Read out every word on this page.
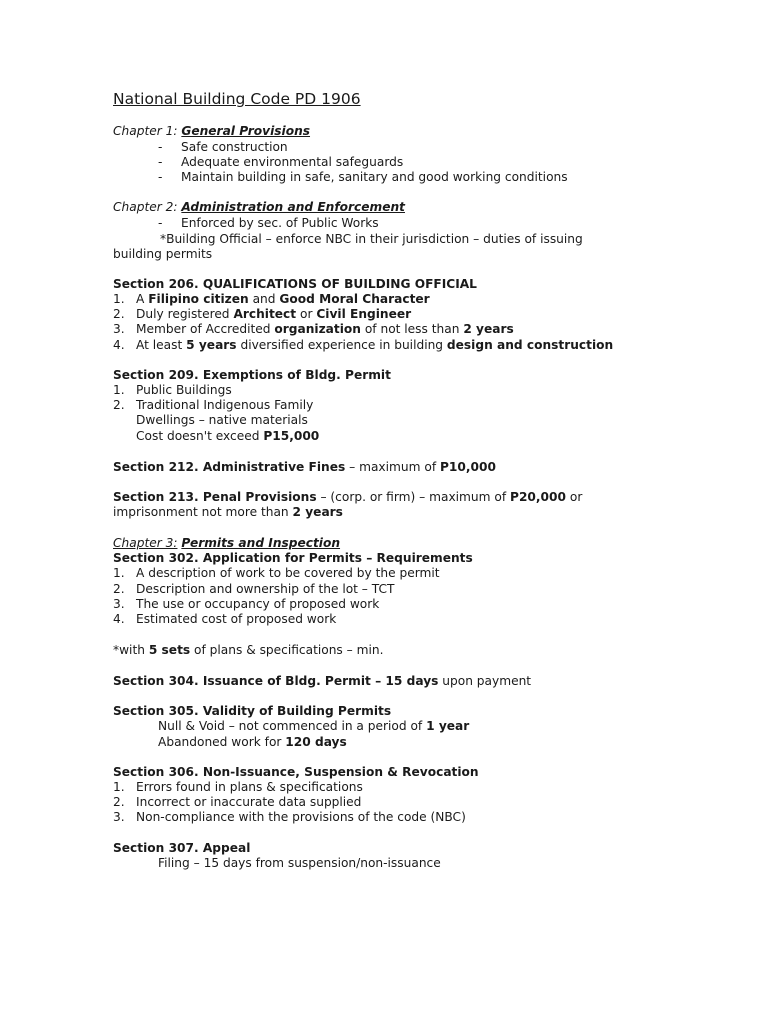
National Building Code PD 1906
Chapter 1: General Provisions
- Safe construction
- Adequate environmental safeguards
- Maintain building in safe, sanitary and good working conditions
Chapter 2: Administration and Enforcement
- Enforced by sec. of Public Works
*Building Official – enforce NBC in their jurisdiction – duties of issuing
building permits
Section 206. QUALIFICATIONS OF BUILDING OFFICIAL
1. A Filipino citizen and Good Moral Character
2. Duly registered Architect or Civil Engineer
3. Member of Accredited organization of not less than 2 years
4. At least 5 years diversified experience in building design and construction
Section 209. Exemptions of Bldg. Permit
1. Public Buildings
2. Traditional Indigenous Family
Dwellings – native materials
Cost doesn't exceed P15,000
Section 212. Administrative Fines – maximum of P10,000
Section 213. Penal Provisions – (corp. or firm) – maximum of P20,000 or
imprisonment not more than 2 years
Chapter 3: Permits and Inspection
Section 302. Application for Permits – Requirements
1. A description of work to be covered by the permit
2. Description and ownership of the lot – TCT
3. The use or occupancy of proposed work
4. Estimated cost of proposed work
*with 5 sets of plans & specifications – min.
Section 304. Issuance of Bldg. Permit – 15 days upon payment
Section 305. Validity of Building Permits
Null & Void – not commenced in a period of 1 year
Abandoned work for 120 days
Section 306. Non-Issuance, Suspension & Revocation
1. Errors found in plans & specifications
2. Incorrect or inaccurate data supplied
3. Non-compliance with the provisions of the code (NBC)
Section 307. Appeal
Filing – 15 days from suspension/non-issuance
